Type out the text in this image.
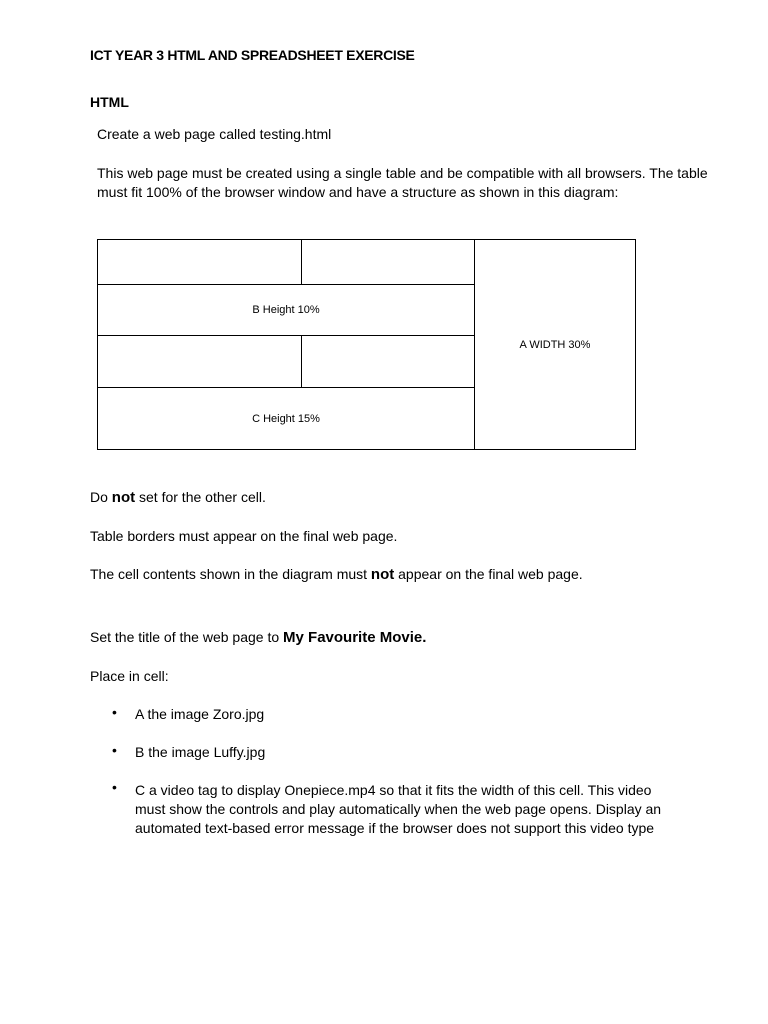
ICT YEAR 3 HTML AND SPREADSHEET EXERCISE
HTML
Create a web page called testing.html
This web page must be created using a single table and be compatible with all browsers. The table must fit 100% of the browser window and have a structure as shown in this diagram:
B Height 10%
C Height 15%
A WIDTH 30%
Do not set for the other cell.
Table borders must appear on the final web page.
The cell contents shown in the diagram must not appear on the final web page.
Set the title of the web page to My Favourite Movie.
Place in cell:
• A the image Zoro.jpg
• B the image Luffy.jpg
• C a video tag to display Onepiece.mp4 so that it fits the width of this cell. This video must show the controls and play automatically when the web page opens. Display an automated text-based error message if the browser does not support this video type
